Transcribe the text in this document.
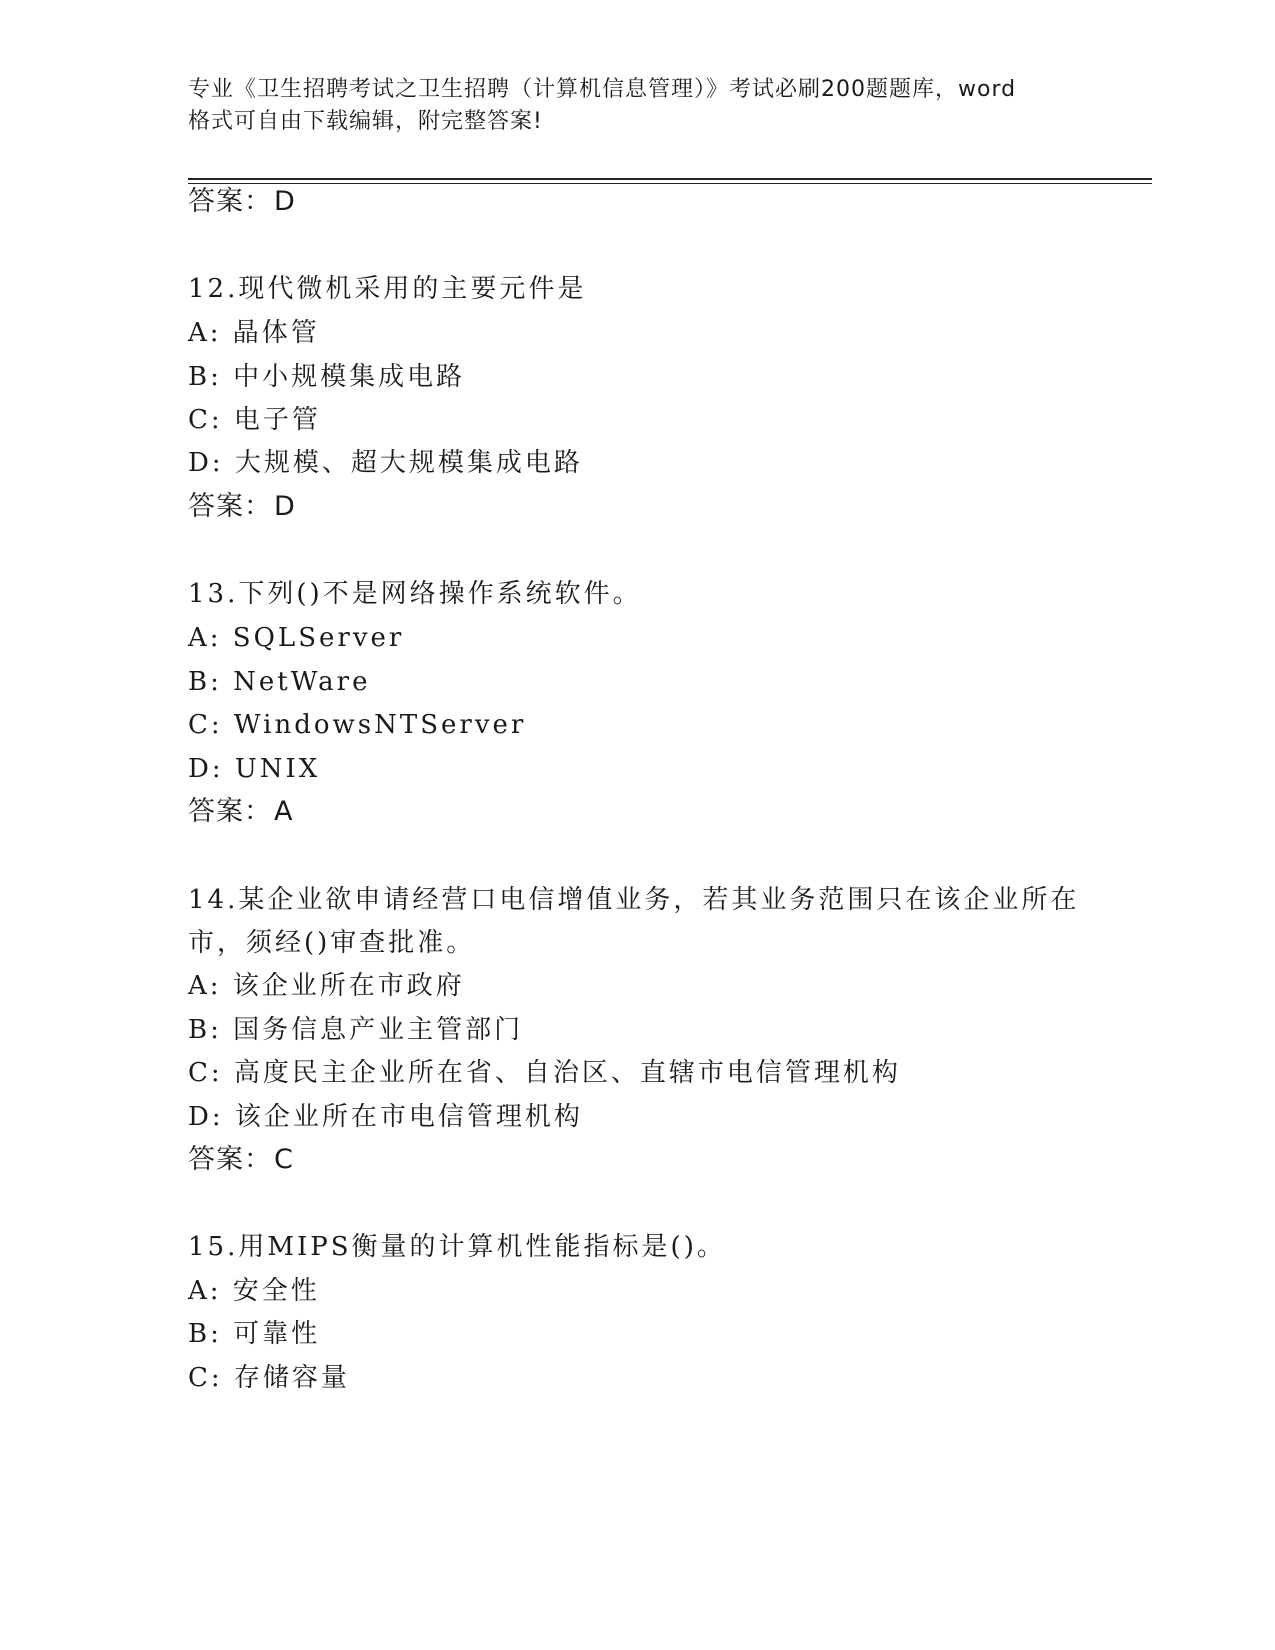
专业《卫生招聘考试之卫生招聘（计算机信息管理）》考试必刷200题题库，word
格式可自由下载编辑，附完整答案!
答案：D
12.现代微机采用的主要元件是
A: 晶体管
B: 中小规模集成电路
C: 电子管
D: 大规模、超大规模集成电路
答案：D
13.下列()不是网络操作系统软件。
A: SQLServer
B: NetWare
C: WindowsNTServer
D: UNIX
答案：A
14.某企业欲申请经营口电信增值业务，若其业务范围只在该企业所在
市，须经()审查批准。
A: 该企业所在市政府
B: 国务信息产业主管部门
C: 高度民主企业所在省、自治区、直辖市电信管理机构
D: 该企业所在市电信管理机构
答案：C
15.用MIPS衡量的计算机性能指标是()。
A: 安全性
B: 可靠性
C: 存储容量
